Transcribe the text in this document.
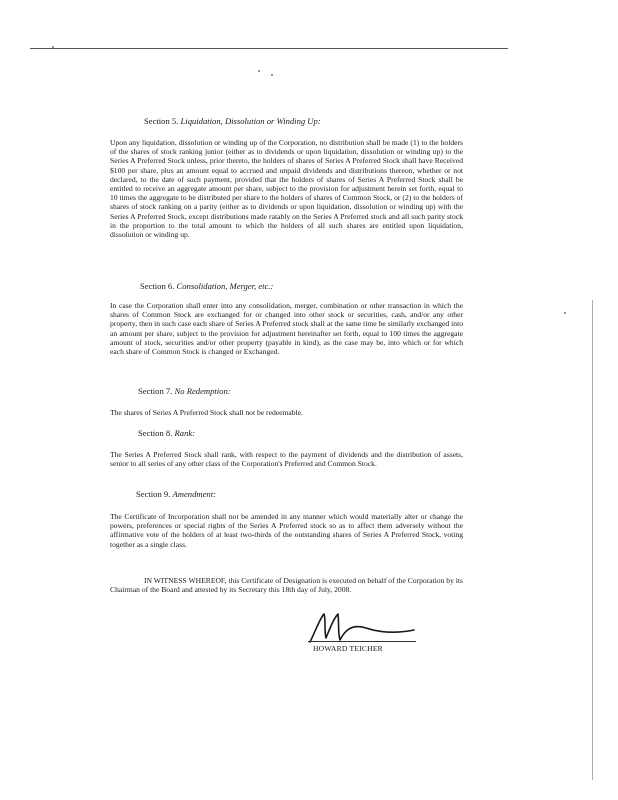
Section 5. Liquidation, Dissolution or Winding Up:
Upon any liquidation, dissolution or winding up of the Corporation, no distribution shall be made (1) to the holders of the shares of stock ranking junior (either as to dividends or upon liquidation, dissolution or winding up) to the Series A Preferred Stock unless, prior thereto, the holders of shares of Series A Preferred Stock shall have Received $100 per share, plus an amount equal to accrued and unpaid dividends and distributions thereon, whether or not declared, to the date of such payment, provided that the holders of shares of Series A Preferred Stock shall be entitled to receive an aggregate amount per share, subject to the provision for adjustment herein set forth, equal to 10 times the aggregate to be distributed per share to the holders of shares of Common Stock, or (2) to the holders of shares of stock ranking on a parity (either as to dividends or upon liquidation, dissolution or winding up) with the Series A Preferred Stock, except distributions made ratably on the Series A Preferred stock and all such parity stock in the proportion to the total amount to which the holders of all such shares are entitled upon liquidation, dissolution or winding up.
Section 6. Consolidation, Merger, etc.:
In case the Corporation shall enter into any consolidation, merger, combination or other transaction in which the shares of Common Stock are exchanged for or changed into other stock or securities, cash, and/or any other property, then in such case each share of Series A Preferred stock shall at the same time be similarly exchanged into an amount per share, subject to the provision for adjustment hereinafter set forth, equal to 100 times the aggregate amount of stock, securities and/or other property (payable in kind), as the case may be, into which or for which each share of Common Stock is changed or Exchanged.
Section 7. No Redemption:
The shares of Series A Preferred Stock shall not be redeemable.
Section 8. Rank:
The Series A Preferred Stock shall rank, with respect to the payment of dividends and the distribution of assets, senior to all series of any other class of the Corporation's Preferred and Common Stock.
Section 9. Amendment:
The Certificate of Incorporation shall not be amended in any manner which would materially alter or change the powers, preferences or special rights of the Series A Preferred stock so as to affect them adversely without the affirmative vote of the holders of at least two-thirds of the outstanding shares of Series A Preferred Stock, voting together as a single class.
IN WITNESS WHEREOF, this Certificate of Designation is executed on behalf of the Corporation by its Chairman of the Board and attested by its Secretary this 18th day of July, 2008.
HOWARD TEICHER
